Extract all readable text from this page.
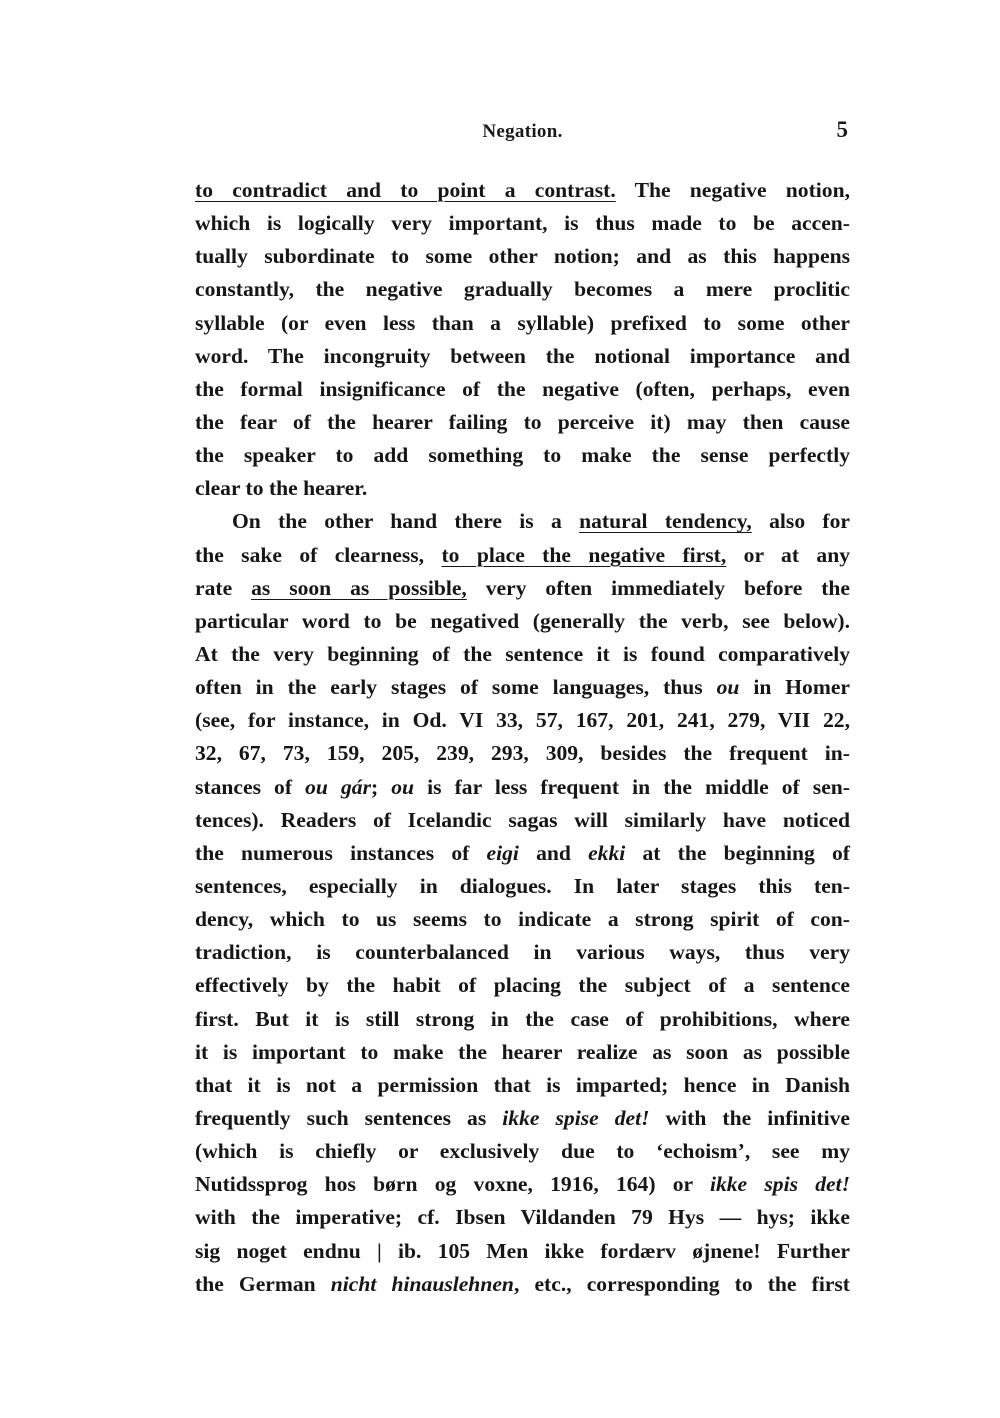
Negation.	5
to contradict and to point a contrast. The negative notion,
which is logically very important, is thus made to be accen-
tually subordinate to some other notion; and as this happens
constantly, the negative gradually becomes a mere proclitic
syllable (or even less than a syllable) prefixed to some other
word. The incongruity between the notional importance and
the formal insignificance of the negative (often, perhaps, even
the fear of the hearer failing to perceive it) may then cause
the speaker to add something to make the sense perfectly
clear to the hearer.
On the other hand there is a natural tendency, also for
the sake of clearness, to place the negative first, or at any
rate as soon as possible, very often immediately before the
particular word to be negatived (generally the verb, see below).
At the very beginning of the sentence it is found comparatively
often in the early stages of some languages, thus ou in Homer
(see, for instance, in Od. VI 33, 57, 167, 201, 241, 279, VII 22,
32, 67, 73, 159, 205, 239, 293, 309, besides the frequent in-
stances of ou gár; ou is far less frequent in the middle of sen-
tences). Readers of Icelandic sagas will similarly have noticed
the numerous instances of eigi and ekki at the beginning of
sentences, especially in dialogues. In later stages this ten-
dency, which to us seems to indicate a strong spirit of con-
tradiction, is counterbalanced in various ways, thus very
effectively by the habit of placing the subject of a sentence
first. But it is still strong in the case of prohibitions, where
it is important to make the hearer realize as soon as possible
that it is not a permission that is imparted; hence in Danish
frequently such sentences as ikke spise det! with the infinitive
(which is chiefly or exclusively due to ‘echoism’, see my
Nutidssprog hos børn og voxne, 1916, 164) or ikke spis det!
with the imperative; cf. Ibsen Vildanden 79 Hys — hys; ikke
sig noget endnu | ib. 105 Men ikke fordærv øjnene! Further
the German nicht hinauslehnen, etc., corresponding to the first
